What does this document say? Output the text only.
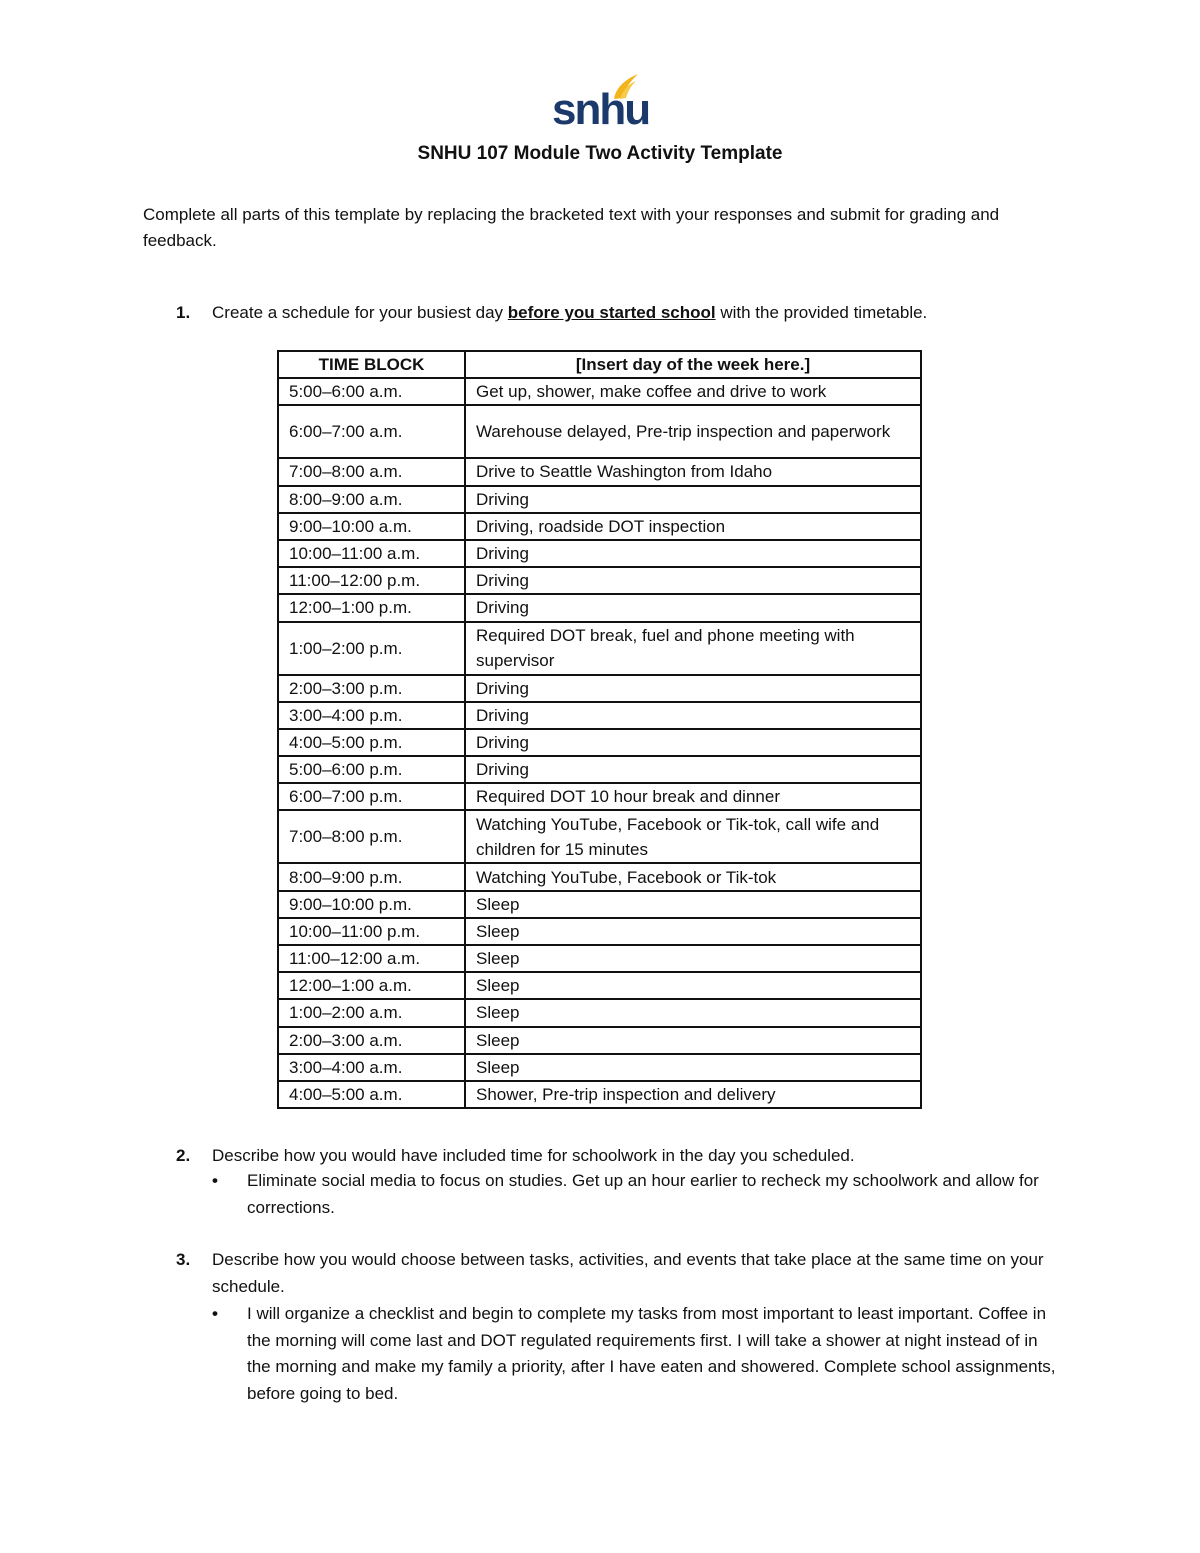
snhu
SNHU 107 Module Two Activity Template
Complete all parts of this template by replacing the bracketed text with your responses and submit for grading and feedback.
1. Create a schedule for your busiest day before you started school with the provided timetable.
TIME BLOCK	[Insert day of the week here.]
5:00–6:00 a.m.	Get up, shower, make coffee and drive to work
6:00–7:00 a.m.	Warehouse delayed, Pre-trip inspection and paperwork
7:00–8:00 a.m.	Drive to Seattle Washington from Idaho
8:00–9:00 a.m.	Driving
9:00–10:00 a.m.	Driving, roadside DOT inspection
10:00–11:00 a.m.	Driving
11:00–12:00 p.m.	Driving
12:00–1:00 p.m.	Driving
1:00–2:00 p.m.	Required DOT break, fuel and phone meeting with supervisor
2:00–3:00 p.m.	Driving
3:00–4:00 p.m.	Driving
4:00–5:00 p.m.	Driving
5:00–6:00 p.m.	Driving
6:00–7:00 p.m.	Required DOT 10 hour break and dinner
7:00–8:00 p.m.	Watching YouTube, Facebook or Tik-tok, call wife and children for 15 minutes
8:00–9:00 p.m.	Watching YouTube, Facebook or Tik-tok
9:00–10:00 p.m.	Sleep
10:00–11:00 p.m.	Sleep
11:00–12:00 a.m.	Sleep
12:00–1:00 a.m.	Sleep
1:00–2:00 a.m.	Sleep
2:00–3:00 a.m.	Sleep
3:00–4:00 a.m.	Sleep
4:00–5:00 a.m.	Shower, Pre-trip inspection and delivery
2. Describe how you would have included time for schoolwork in the day you scheduled.
• Eliminate social media to focus on studies. Get up an hour earlier to recheck my schoolwork and allow for corrections.
3. Describe how you would choose between tasks, activities, and events that take place at the same time on your schedule.
• I will organize a checklist and begin to complete my tasks from most important to least important. Coffee in the morning will come last and DOT regulated requirements first. I will take a shower at night instead of in the morning and make my family a priority, after I have eaten and showered. Complete school assignments, before going to bed.
